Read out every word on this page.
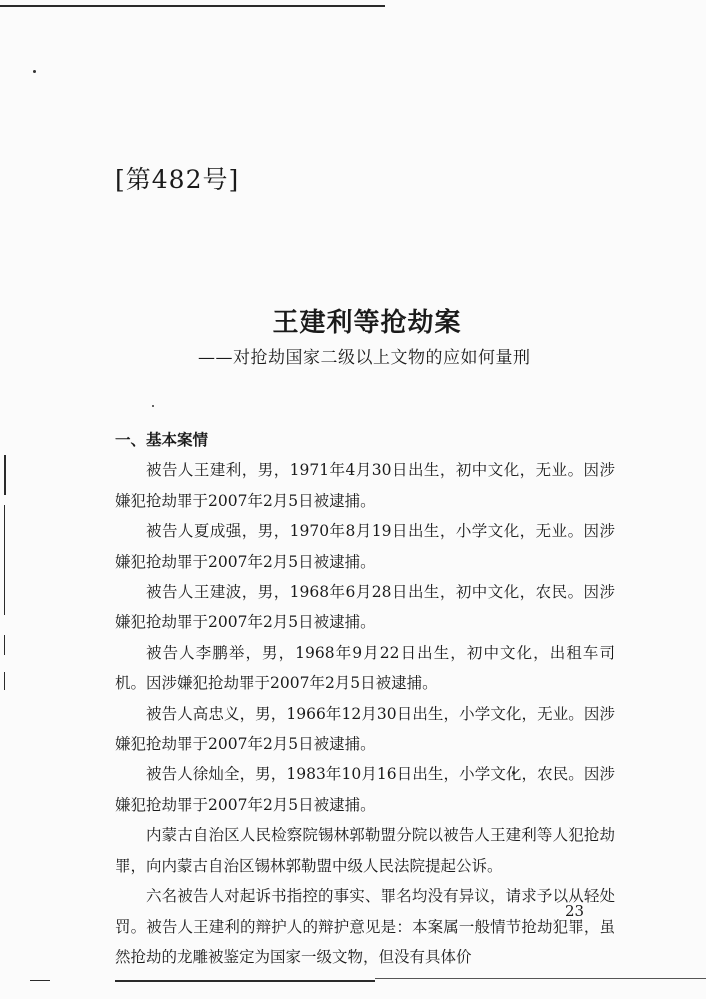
[第482号]
王建利等抢劫案
——对抢劫国家二级以上文物的应如何量刑
一、基本案情

被告人王建利，男，1971年4月30日出生，初中文化，无业。因涉嫌犯抢劫罪于2007年2月5日被逮捕。

被告人夏成强，男，1970年8月19日出生，小学文化，无业。因涉嫌犯抢劫罪于2007年2月5日被逮捕。

被告人王建波，男，1968年6月28日出生，初中文化，农民。因涉嫌犯抢劫罪于2007年2月5日被逮捕。

被告人李鹏举，男，1968年9月22日出生，初中文化，出租车司机。因涉嫌犯抢劫罪于2007年2月5日被逮捕。

被告人高忠义，男，1966年12月30日出生，小学文化，无业。因涉嫌犯抢劫罪于2007年2月5日被逮捕。

被告人徐灿全，男，1983年10月16日出生，小学文化，农民。因涉嫌犯抢劫罪于2007年2月5日被逮捕。

内蒙古自治区人民检察院锡林郭勒盟分院以被告人王建利等人犯抢劫罪，向内蒙古自治区锡林郭勒盟中级人民法院提起公诉。

六名被告人对起诉书指控的事实、罪名均没有异议，请求予以从轻处罚。被告人王建利的辩护人的辩护意见是：本案属一般情节抢劫犯罪，虽然抢劫的龙雕被鉴定为国家一级文物，但没有具体价

23
